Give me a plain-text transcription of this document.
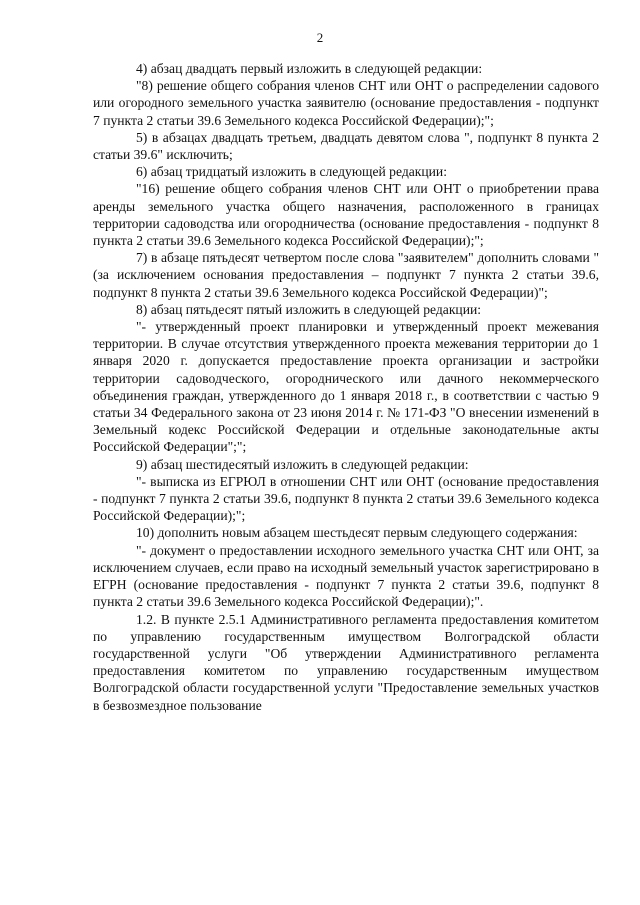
2

4) абзац двадцать первый изложить в следующей редакции:

"8) решение общего собрания членов СНТ или ОНТ о распределении садового или огородного земельного участка заявителю (основание предоставления - подпункт 7 пункта 2 статьи 39.6 Земельного кодекса Российской Федерации);";

5) в абзацах двадцать третьем, двадцать девятом слова ", подпункт 8 пункта 2 статьи 39.6" исключить;

6) абзац тридцатый изложить в следующей редакции:

"16) решение общего собрания членов СНТ или ОНТ о приобретении права аренды земельного участка общего назначения, расположенного в границах территории садоводства или огородничества (основание предоставления - подпункт 8 пункта 2 статьи 39.6 Земельного кодекса Российской Федерации);";

7) в абзаце пятьдесят четвертом после слова "заявителем" дополнить словами "(за исключением основания предоставления – подпункт 7 пункта 2 статьи 39.6, подпункт 8 пункта 2 статьи 39.6 Земельного кодекса Российской Федерации)";

8) абзац пятьдесят пятый изложить в следующей редакции:

"- утвержденный проект планировки и утвержденный проект межевания территории. В случае отсутствия утвержденного проекта межевания территории до 1 января 2020 г. допускается предоставление проекта организации и застройки территории садоводческого, огороднического или дачного некоммерческого объединения граждан, утвержденного до 1 января 2018 г., в соответствии с частью 9 статьи 34 Федерального закона от 23 июня 2014 г. № 171-ФЗ "О внесении изменений в Земельный кодекс Российской Федерации и отдельные законодательные акты Российской Федерации";";

9) абзац шестидесятый изложить в следующей редакции:

"- выписка из ЕГРЮЛ в отношении СНТ или ОНТ (основание предоставления - подпункт 7 пункта 2 статьи 39.6, подпункт 8 пункта 2 статьи 39.6 Земельного кодекса Российской Федерации);";

10) дополнить новым абзацем шестьдесят первым следующего содержания:

"- документ о предоставлении исходного земельного участка СНТ или ОНТ, за исключением случаев, если право на исходный земельный участок зарегистрировано в ЕГРН (основание предоставления - подпункт 7 пункта 2 статьи 39.6, подпункт 8 пункта 2 статьи 39.6 Земельного кодекса Российской Федерации);".

1.2. В пункте 2.5.1 Административного регламента предоставления комитетом по управлению государственным имуществом Волгоградской области государственной услуги "Об утверждении Административного регламента предоставления комитетом по управлению государственным имуществом Волгоградской области государственной услуги "Предоставление земельных участков в безвозмездное пользование
